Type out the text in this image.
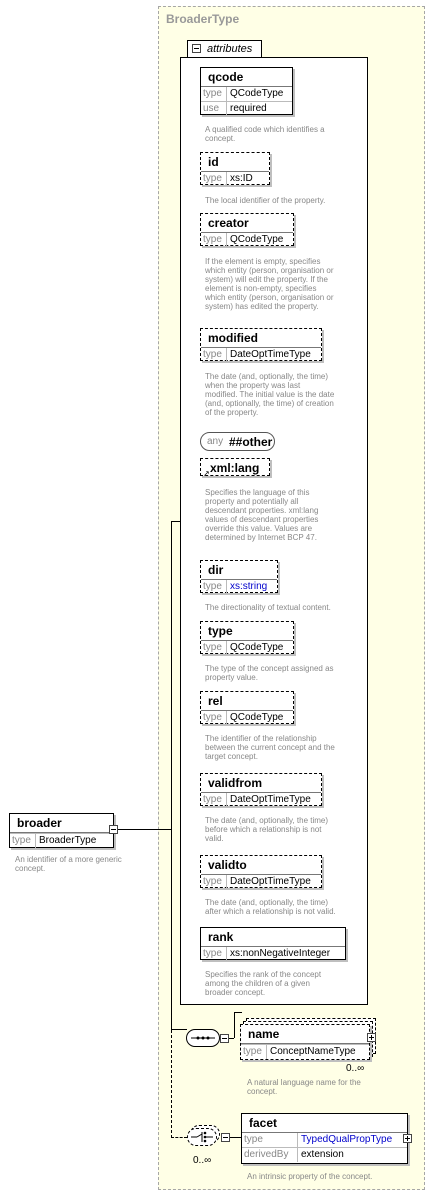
BroaderType
attributes
qcode
type QCodeType
use	required
A qualified code which identifies a
concept.
id
type xs:ID
The local identifier of the property.
creator
type QCodeType
If the element is empty, specifies
which entity (person, organisation or
system) will edit the property. If the
element is non-empty, specifies
which entity (person, organisation or
system) has edited the property.
modified
type DateOptTimeType
The date (and, optionally, the time)
when the property was last
modified. The initial value is the date
(and, optionally, the time) of creation
of the property.
xml:lang
↗
Specifies the language of this
property and potentially all
descendant properties. xml:lang
values of descendant properties
override this value. Values are
determined by Internet BCP 47.
dir
type xs:string
The directionality of textual content.
type
type QCodeType
The type of the concept assigned as
property value.
rel
type QCodeType
The identifier of the relationship
between the current concept and the
target concept.
validfrom
type DateOptTimeType
The date (and, optionally, the time)
before which a relationship is not
valid.
validto
type DateOptTimeType
The date (and, optionally, the time)
after which a relationship is not valid.
rank
type xs:nonNegativeInteger
Specifies the rank of the concept
among the children of a given
broader concept.
any ##other
broader
type BroaderType
An identifier of a more generic
concept.
name
type ConceptNameType
0..∞
A natural language name for the
concept.
0..∞
facet
type	TypedQualPropType
derivedBy	extension
An intrinsic property of the concept.
